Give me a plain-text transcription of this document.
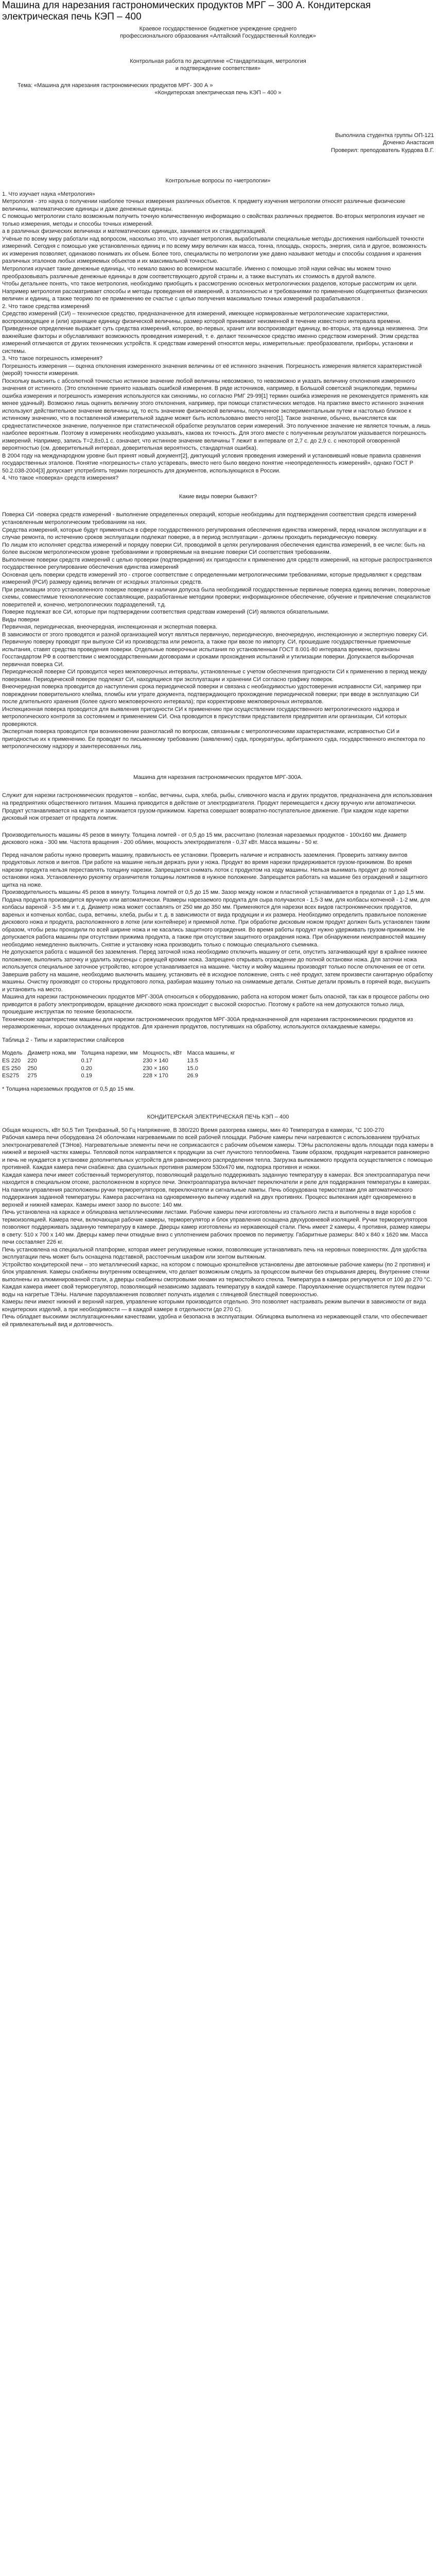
Машина для нарезания гастрономических продуктов МРГ – 300 А. Кондитерская электрическая печь КЭП – 400

Краевое государственное бюджетное учреждение среднего

профессионального образования «Алтайский Государственный Колледж»

Контрольная работа по дисциплине «Стандартизация, метрология

и подтверждение соответствия»

Тема: «Машина для нарезания гастрономических продуктов МРГ- 300 А »

«Кондитерская электрическая печь КЭП – 400 »

Выполнила студентка группы ОП-121

Доченко Анастасия

Проверил: преподователь Курдова В.Г.

Контрольные вопросы по «метрологии»

1. Что изучает наука «Метрология»

Метрология - это наука о получении наиболее точных измерения различных объектов. К предмету изучения метрологии относят различные физические величины, математические единицы и даже денежные единицы.

С помощью метрологии стало возможным получить точную количественную информацию о свойствах различных предметов. Во-вторых метрология изучает не только измерения, методы и способы точных измерений.

а в различных физических величинах и математических единицах, занимается их стандартизацией.

Учёные по всему миру работали над вопросом, насколько это, что изучает метрология, выработывали специальные методы достижения наибольшей точности измерений. Сегодня с помощью уже установленных единиц и по всему миру величин как масса, тонна, площадь, скорость, энергия, сила и другое, возможность их измерения позволяет, одинаково понимать их объем. Более того, специалисты по метрологии уже давно называют методы и способы создания и хранения различных эталонов любых измеряемых объектов и их максимальной точностью.

Метрология изучает такие денежные единицы, что немало важно во всемирном масштабе. Именно с помощью этой науки сейчас мы можем точно преобразовывать различные денежные единицы в дом соответствующего другой страны и, а также выступать их стоимость в другой валюте.

Чтобы детальнее понять, что такое метрология, необходимо приобщить к рассмотрению основных метрологических разделов, которые рассмотрим их цели. Например метрология рассматривает способы и методы проведения её измерений, а эталонностью и требованиями по применению общепринятых физических величин и единиц, а также теорию по ее применению ее счастье с целью получения максимально точных измерений разрабатываются .

2. Что такое средства измерений

Средство измерений (СИ) – техническое средство, предназначенное для измерений, имеющее нормированные метрологические характеристики, воспроизводящее и (или) хранящее единицу физической величины, размер которой принимают неизменной в течение известного интервала времени.

Приведенное определение выражает суть средства измерений, которое, во-первых, хранит или воспроизводит единицу, во-вторых, эта единица неизменна. Эти важнейшие факторы и обуславливают возможность проведения измерений, т. е. делают техническое средство именно средством измерений. Этим средства измерений отличаются от других технических устройств. К средствам измерений относятся меры, измерительные: преобразователи, приборы, установки и системы.

3. Что такое погрешность измерения?

Погрешность измерения — оценка отклонения измеренного значения величины от её истинного значения. Погрешность измерения является характеристикой (мерой) точности измерения.

Поскольку выяснить с абсолютной точностью истинное значение любой величины невозможно, то невозможно и указать величину отклонения измеренного значения от истинного. (Это отклонение принято называть ошибкой измерения. В ряде источников, например, в Большой советской энциклопедии, термины ошибка измерения и погрешность измерения используются как синонимы, но согласно РМГ 29-99[1] термин ошибка измерения не рекомендуется применять как менее удачный). Возможно лишь оценить величину этого отклонения, например, при помощи статистических методов. На практике вместо истинного значения используют действительное значение величины xд, то есть значение физической величины, полученное экспериментальным путем и настолько близкое к истинному значению, что в поставленной измерительной задаче может быть использовано вместо него[1]. Такое значение, обычно, вычисляется как среднестатистическое значение, полученное при статистической обработке результатов серии измерений. Это полученное значение не является точным, а лишь наиболее вероятным. Поэтому в измерениях необходимо указывать, какова их точность. Для этого вместе с полученным результатом указывается погрешность измерений. Например, запись T=2,8±0,1 c. означает, что истинное значение величины T лежит в интервале от 2,7 с. до 2,9 с. с некоторой оговоренной вероятностью (см. доверительный интервал, доверительная вероятность, стандартная ошибка).

В 2004 году на международном уровне был принят новый документ[2], диктующий условия проведения измерений и установивший новые правила сравнения государственных эталонов. Понятие «погрешность» стало устаревать, вместо него было введено понятие «неопределенность измерений», однако ГОСТ Р 50.2.038-2004[3] допускает употреблять термин погрешность для документов, использующихся в России.

4. Что такое «поверка» средств измерения?

Какие виды поверки бывают?

Поверка СИ -поверка средств измерений - выполнение определенных операций, которые необходимы для подтверждения соответствия средств измерений установленным метрологическим требованиям на них.

Средства измерений, которые будут применяться в сфере государственного регулирования обеспечения единства измерений, перед началом эксплуатации и в случае ремонта, по истечению сроков эксплуатации подлежат поверке, а в период эксплуатации - должны проходить периодическую поверку.

По лицам кто исполняет средства измерений и порядку поверки СИ, проводимой в целях регулирования обеспечения единства измерений, в ее числе: быть на более высоком метрологическом уровне требованиями и проверяемым на внешние поверки СИ соответствия требованиям.

Выполнение поверки средств измерений с целью проверки (подтверждения) их пригодности к применению для средств измерений, на которые распространяются государственное регулирование обеспечения единства измерений

Основная цель поверки средств измерений это - строгое соответствие с определенными метрологическими требованиями, которые предъявляют к средствам измерений (РСИ) размеру единиц величин от исходных эталонных средств.

При реализации этого установленного поверке поверке и наличии допуска была необходимой государственные первичные поверка единиц величин, поверочные схемы, совместимые технологические составляющие, разработанные методики проверки; информационное обеспечение, обучение и привлечение специалистов поверителей и, конечно, метрологических подразделений, т.д.

Поверке подлежат все СИ, которые при подтверждении соответствия средствам измерений (СИ) являются обязательными.

Виды поверки

Первичная, периодическая, внеочередная, инспекционная и экспертная поверка.

В зависимости от этого проводятся и разной организацией могут являться первичную, периодическую, внеочередную, инспекционную и экспертную поверку СИ.

Первичную поверку проводят при выпуске СИ из производства или ремонта, а также при ввозе по импорту. СИ, прошедшие государственные приемочные испытания, ставят средства проведения поверки. Отдельные поверочные испытания по установленным ГОСТ 8.001-80 интервала времени, признаны Госстандартом РФ в соответствии с межгосударственными договорами и сроками прохождения испытаний и утилизации поверки. Допускается выборочная первичная поверка СИ.

Периодической поверке СИ проводится через межповерочных интервалы, установленные с учетом обеспечения пригодности СИ к применению в период между поверками. Периодической поверке подлежат СИ, находящиеся при эксплуатации и хранении СИ согласно графику поверок.

Внеочередная поверка проводится до наступления срока периодической поверки и связана с необходимостью удостоверения исправности СИ, например при повреждении поверительного клейма, пломбы или утрате документа, подтверждающего прохождение периодической поверки; при вводе в эксплуатацию СИ после длительного хранения (более одного межповерочного интервала); при корректировке межповерочных интервалов.

Инспекционная поверка проводится для выявления пригодности СИ к применению при осуществлении государственного метрологического надзора и метрологического контроля за состоянием и применением СИ. Она проводится в присутствии представителя предприятия или организации, СИ которых проверяются.

Экспертная поверка проводится при возникновении разногласий по вопросам, связанным с метрологическими характеристиками, исправностью СИ и пригодностью их к применению. Ее проводят по письменному требованию (заявлению) суда, прокуратуры, арбитражного суда, государственного инспектора по метрологическому надзору и заинтересованных лиц.

Машина для нарезания гастрономических продуктов МРГ-300А.

Служит для нарезки гастрономических продуктов – колбас, ветчины, сыра, хлеба, рыбы, сливочного масла и других продуктов, предназначена для использования на предприятиях общественного питания. Машина приводится в действие от электродвигателя. Продукт перемещается к диску вручную или автоматически. Продукт устанавливается на каретку и зажимается грузом-прижимом. Каретка совершает возвратно-поступательное движение. При каждом ходе каретки дисковый нож отрезает от продукта ломтик.

Производительность машины 45 резов в минуту. Толщина ломтей - от 0,5 до 15 мм, рассчитано (полезная нарезаемых продуктов - 100х160 мм. Диаметр дискового ножа - 300 мм. Частота вращения - 200 об/мин, мощность электродвигателя - 0,37 кВт. Масса машины - 50 кг.

Перед началом работы нужно проверить машину, правильность ее установки. Проверить наличие и исправность заземления. Проверить затяжку винтов продуктовых лотков и винтов. При работе на машине нельзя держать руки у ножа. Продукт во время нарезки придерживается грузом-прижимом. Во время нарезки продукта нельзя переставлять толщину нарезки. Запрещается снимать лоток с продуктом на ходу машины. Нельзя вынимать продукт до полной остановки ножа. Установленную рукоятку ограничителя толщины ломтиков в нужное положение. Запрещается работать на машине без ограждений и защитного щитка на ноже.

Производительность машины 45 резов в минуту. Толщина ломтей от 0,5 до 15 мм. Зазор между ножом и пластиной устанавливается в пределах от 1 до 1,5 мм. Подача продукта производится вручную или автоматически. Размеры нарезаемого продукта для сыра получаются - 1,5-3 мм, для колбасы копченой - 1-2 мм, для колбасы вареной - 3-5 мм и т. д. Диаметр ножа может составлять от 250 мм до 350 мм. Применяются для нарезки всех видов гастрономических продуктов, вареных и копченых колбас, сыра, ветчины, хлеба, рыбы и т. д. в зависимости от вида продукции и их размера. Необходимо определить правильное положение дискового ножа и продукта, расположенного в лотке (или контейнере) и приемной лотке. При обработке дисковым ножом продукт должен быть установлен таким образом, чтобы резы проходили по всей ширине ножа и не касались защитного ограждения. Во время работы продукт нужно удерживать грузом-прижимом. Не допускается работа машины при отсутствии прижима продукта, а также при отсутствии защитного ограждения ножа. При обнаружении неисправностей машину необходимо немедленно выключить. Снятие и установку ножа производить только с помощью специального съемника.

Не допускается работа с машиной без заземления. Перед заточкой ножа необходимо отключить машину от сети, опустить затачивающий круг в крайнее нижнее положение, выполнить заточку и удалить заусенцы с режущей кромки ножа. Запрещено открывать ограждение до полной остановки ножа. Для заточки ножа используется специальное заточное устройство, которое устанавливается на машине. Чистку и мойку машины производят только после отключения ее от сети.

Завершив работу на машине, необходимо выключить машину, установить её в исходное положение, снять с неё продукт, затем произвести санитарную обработку машины. Очистку производят со стороны продуктового лотка, разбирая машину только на снимаемые детали. Снятые детали промыть в горячей воде, высушить и установить на место.

Машина для нарезки гастрономических продуктов МРГ-300А относиться к оборудованию, работа на котором может быть опасной, так как в процессе работы оно приводится в работу электроприводом, вращение дискового ножа происходит с высокой скоростью. Поэтому к работе на нем допускаются только лица, прошедшие инструктаж по технике безопасности.

Технические характеристики машины для нарезки гастрономических продуктов МРГ-300А предназначенной для нарезания гастрономических продуктов из неразмороженных, хорошо охлажденных продуктов. Для хранения продуктов, поступивших на обработку, используются охлаждаемые камеры.

Таблица 2 - Типы и характеристики слайсеров

Модель	Диаметр ножа, мм	Толщина нарезки, мм	Мощность, кВт	Масса машины, кг
ES 220	220	0.17	230 × 140	13.5
ES 250	250	0.20	230 × 160	15.0
ES275	275	0.19	228 × 170	26.9

* Толщина нарезаемых продуктов от 0,5 до 15 мм.

КОНДИТЕРСКАЯ ЭЛЕКТРИЧЕСКАЯ ПЕЧЬ КЭП – 400

Общая мощность, кВт 50,5 Тип Трехфазный, 50 Гц Напряжение, В 380/220 Время разогрева камеры, мин 40 Температура в камерах, °C 100-270

Рабочая камера печи оборудована 24 оболочками нагреваемыми по всей рабочей площади. Рабочие камеры печи нагреваются с использованием трубчатых электронагревателей (ТЭНов). Нагревательные элементы печи не соприкасаются с рабочим объемом камеры. ТЭНы расположены вдоль площади пода камеры в нижней и верхней частях камеры. Тепловой поток направляется к продукции за счет лучистого теплообмена. Таким образом, продукция нагревается равномерно и печь не нуждается в установке дополнительных устройств для равномерного распределения тепла. Загрузка выпекаемого продукта осуществляется с помощью противней. Каждая камера печи снабжена: два сушильных противня размером 530x470 мм, подпорка противня и ножки.

Каждая камера печи имеет собственный терморегулятор, позволяющий раздельно поддерживать заданную температуру в камерах. Вся электроаппаратура печи находится в специальном отсеке, расположенном в корпусе печи. Электроаппаратура включает переключатели и реле для поддержания температуры в камерах. На панели управления расположены ручки терморегуляторов, переключатели и сигнальные лампы. Печь оборудована термостатами для автоматического поддержания заданной температуры. Камера рассчитана на одновременную выпечку изделий на двух противнях. Процесс выпекания идёт одновременно в верхней и нижней камерах. Камеры имеют зазор по высоте: 140 мм.

Печь установлена на каркасе и облицована металлическими листами. Рабочие камеры печи изготовлены из стального листа и выполнены в виде коробов с термоизоляцией. Камера печи, включающая рабочие камеры, терморегулятор и блок управления оснащена двухуровневой изоляцией. Ручки терморегуляторов позволяют поддерживать заданную температуру в камере. Дверцы камер изготовлены из нержавеющей стали. Печь имеет 2 камеры, 4 противня, размер камеры в свету: 510 х 700 х 140 мм. Дверцы камер печи откидные вниз с уплотнением рабочих проемов по периметру. Габаритные размеры: 840 х 840 х 1620 мм. Масса печи составляет 226 кг.

Печь установлена на специальной платформе, которая имеет регулируемые ножки, позволяющие устанавливать печь на неровных поверхностях. Для удобства эксплуатации печь может быть оснащена подставкой, расстоечным шкафом или зонтом вытяжным.

Устройство кондитерской печи – это металлический каркас, на котором с помощью кронштейнов установлены две автономные рабочие камеры (по 2 противня) и блок управления. Камеры снабжены внутренним освещением, что делает возможным следить за процессом выпечки без открывания дверец. Внутренние стенки выполнены из алюминированной стали, а дверцы снабжены смотровыми окнами из термостойкого стекла. Температура в камерах регулируется от 100 до 270 °С.

Каждая камера имеет свой терморегулятор, позволяющий независимо задавать температуру в каждой камере. Пароувлажнение осуществляется путем подачи воды на нагретые ТЭНы. Наличие пароувлажнения позволяет получать изделия с глянцевой блестящей поверхностью.

Камеры печи имеют нижний и верхний нагрев, управление которыми производится отдельно. Это позволяет настраивать режим выпечки в зависимости от вида кондитерских изделий, а при необходимости — в каждой камере в отдельности (до 270 С).

Печь обладает высокими эксплуатационными качествами, удобна и безопасна в эксплуатации. Облицовка выполнена из нержавеющей стали, что обеспечивает ей привлекательный вид и долговечность.
